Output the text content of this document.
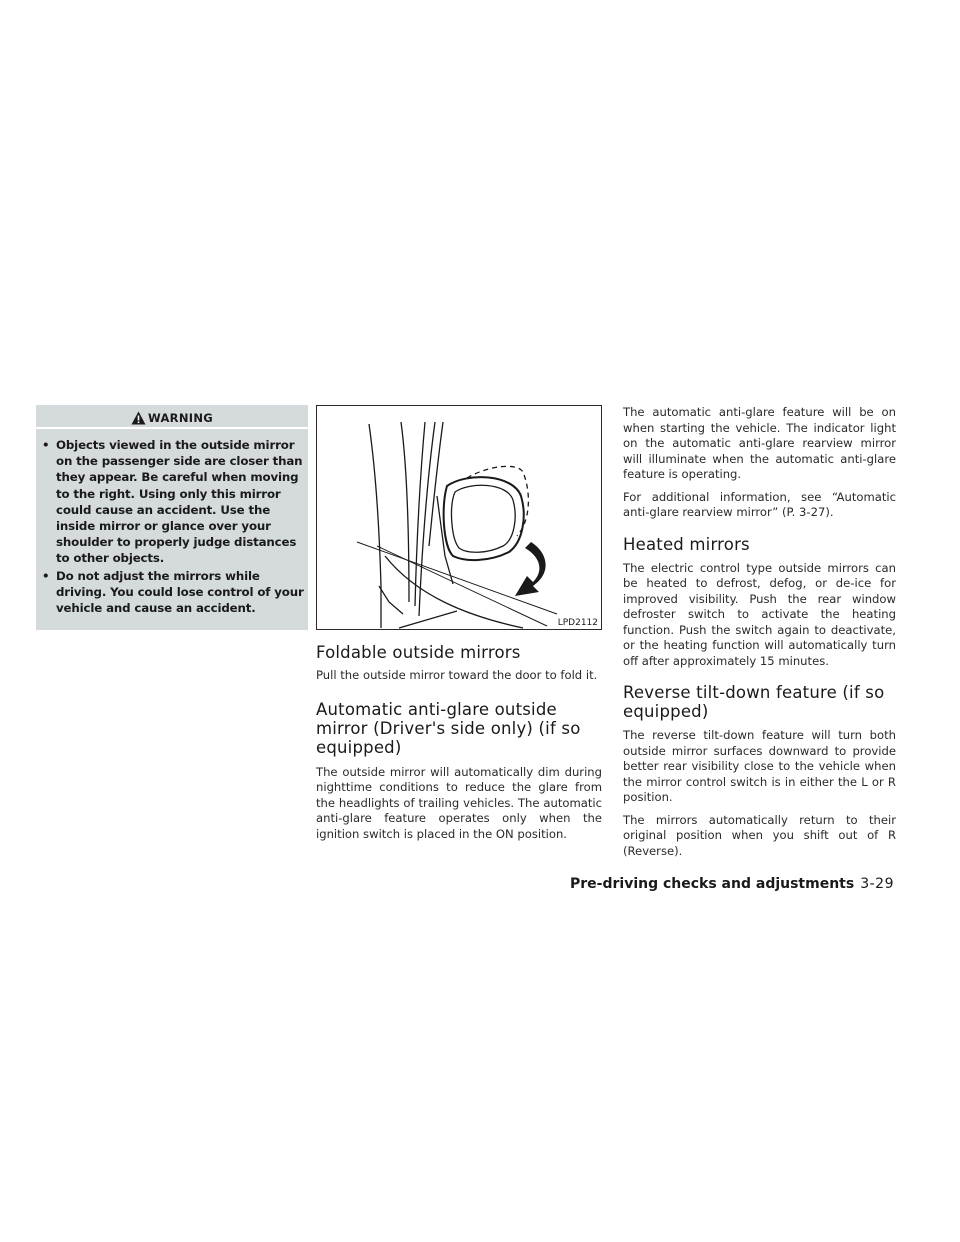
WARNING
• Objects viewed in the outside mirror on the passenger side are closer than they appear. Be careful when moving to the right. Using only this mirror could cause an accident. Use the inside mirror or glance over your shoulder to properly judge distances to other objects.
• Do not adjust the mirrors while driving. You could lose control of your vehicle and cause an accident.
LPD2112
Foldable outside mirrors

Pull the outside mirror toward the door to fold it.

Automatic anti-glare outside mirror (Driver's side only) (if so equipped)

The outside mirror will automatically dim during nighttime conditions to reduce the glare from the headlights of trailing vehicles. The automatic anti-glare feature operates only when the ignition switch is placed in the ON position.

The automatic anti-glare feature will be on when starting the vehicle. The indicator light on the automatic anti-glare rearview mirror will illuminate when the automatic anti-glare feature is operating.

For additional information, see “Automatic anti-glare rearview mirror” (P. 3-27).

Heated mirrors

The electric control type outside mirrors can be heated to defrost, defog, or de-ice for improved visibility. Push the rear window defroster switch to activate the heating function. Push the switch again to deactivate, or the heating function will automatically turn off after approximately 15 minutes.

Reverse tilt-down feature (if so equipped)

The reverse tilt-down feature will turn both outside mirror surfaces downward to provide better rear visibility close to the vehicle when the mirror control switch is in either the L or R position.

The mirrors automatically return to their original position when you shift out of R (Reverse).

Pre-driving checks and adjustments 3-29
